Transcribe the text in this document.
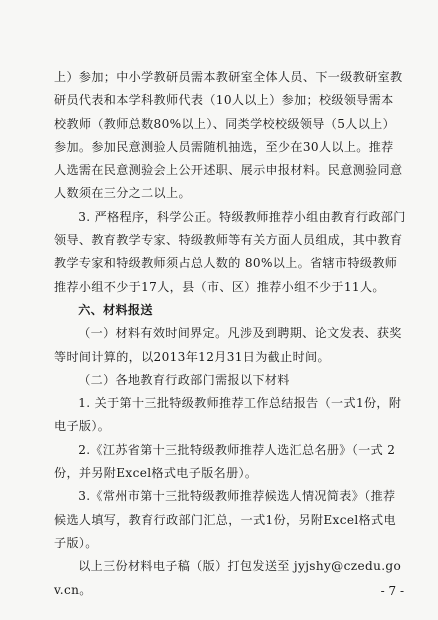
上）参加；中小学教研员需本教研室全体人员、下一级教研室教研员代表和本学科教师代表（10人以上）参加；校级领导需本校教师（教师总数80%以上）、同类学校校级领导（5人以上）参加。参加民意测验人员需随机抽选，至少在30人以上。推荐人选需在民意测验会上公开述职、展示申报材料。民意测验同意人数须在三分之二以上。

3. 严格程序，科学公正。特级教师推荐小组由教育行政部门领导、教育教学专家、特级教师等有关方面人员组成，其中教育教学专家和特级教师须占总人数的 80%以上。省辖市特级教师推荐小组不少于17人，县（市、区）推荐小组不少于11人。

六、材料报送

（一）材料有效时间界定。凡涉及到聘期、论文发表、获奖等时间计算的，以2013年12月31日为截止时间。

（二）各地教育行政部门需报以下材料

1. 关于第十三批特级教师推荐工作总结报告（一式1份，附电子版）。

2.《江苏省第十三批特级教师推荐人选汇总名册》（一式 2份，并另附Excel格式电子版名册）。

3.《常州市第十三批特级教师推荐候选人情况简表》（推荐候选人填写，教育行政部门汇总，一式1份，另附Excel格式电子版）。

以上三份材料电子稿（版）打包发送至 jyjshy@czedu.gov.cn。	- 7 -
